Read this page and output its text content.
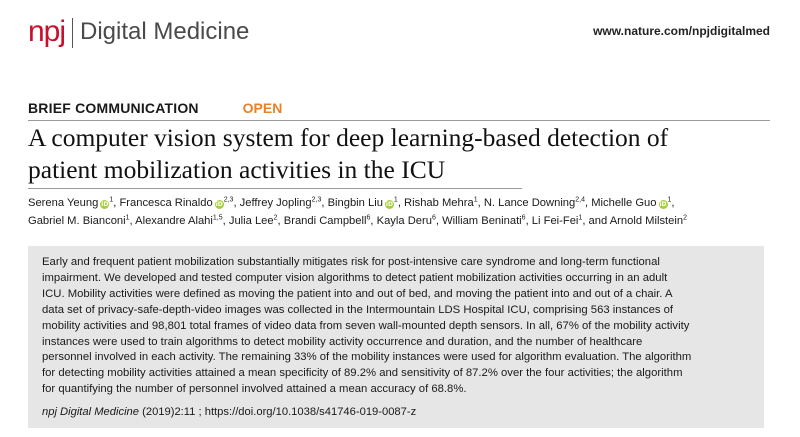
npj Digital Medicine	www.nature.com/npjdigitalmed
BRIEF COMMUNICATION	OPEN
A computer vision system for deep learning-based detection of
patient mobilization activities in the ICU
Serena Yeung $iD^1$, Francesca Rinaldo iD$^{2,3}$, Jeffrey Jopling$^{2,3}$, Bingbin Liu $iD^1$, Rishab Mehra$^1$, N. Lance Downing$^{2,4}$, Michelle Guo $iD^1$,
Gabriel M. Bianconi$^1$, Alexandre Alahi$^{1,5}$, Julia Lee$^2$, Brandi Campbell$^6$, Kayla Deru$^6$, William Beninati$^6$, Li Fei-Fei$^1$, and Arnold Milstein$^2$

Early and frequent patient mobilization substantially mitigates risk for post-intensive care syndrome and long-term functional
impairment. We developed and tested computer vision algorithms to detect patient mobilization activities occurring in an adult
ICU. Mobility activities were defined as moving the patient into and out of bed, and moving the patient into and out of a chair. A
data set of privacy-safe-depth-video images was collected in the Intermountain LDS Hospital ICU, comprising 563 instances of
mobility activities and 98,801 total frames of video data from seven wall-mounted depth sensors. In all, 67% of the mobility activity
instances were used to train algorithms to detect mobility activity occurrence and duration, and the number of healthcare
personnel involved in each activity. The remaining 33% of the mobility instances were used for algorithm evaluation. The algorithm
for detecting mobility activities attained a mean specificity of 89.2% and sensitivity of 87.2% over the four activities; the algorithm
for quantifying the number of personnel involved attained a mean accuracy of 68.8%.

npj Digital Medicine (2019)2:11 ; https://doi.org/10.1038/s41746-019-0087-z
